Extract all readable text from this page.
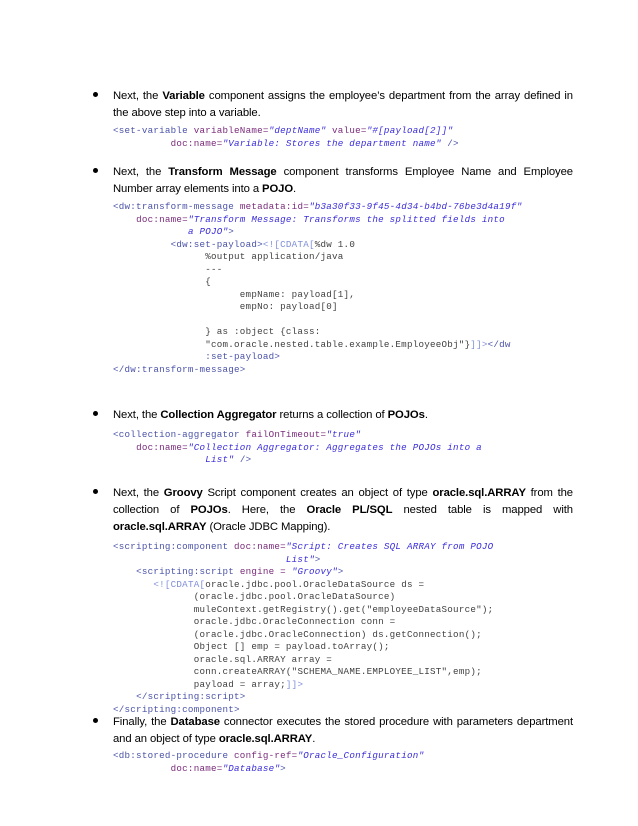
Next, the Variable component assigns the employee’s department from the array defined in the above step into a variable.
<set-variable variableName="deptName" value="#[payload[2]]"
doc:name="Variable: Stores the department name" />
Next, the Transform Message component transforms Employee Name and Employee Number array elements into a POJO.
<dw:transform-message metadata:id="b3a30f33-9f45-4d34-b4bd-76be3d4a19f"
doc:name="Transform Message: Transforms the splitted fields into
a POJO">
<dw:set-payload><![CDATA[%dw 1.0
%output application/java
---
{
empName: payload[1],
empNo: payload[0]

} as :object {class:
"com.oracle.nested.table.example.EmployeeObj"}]]></dw
:set-payload>
</dw:transform-message>
Next, the Collection Aggregator returns a collection of POJOs.
<collection-aggregator failOnTimeout="true"
doc:name="Collection Aggregator: Aggregates the POJOs into a
List" />
Next, the Groovy Script component creates an object of type oracle.sql.ARRAY from the collection of POJOs. Here, the Oracle PL/SQL nested table is mapped with oracle.sql.ARRAY (Oracle JDBC Mapping).
<scripting:component doc:name="Script: Creates SQL ARRAY from POJO
List">
<scripting:script engine = "Groovy">
<![CDATA[oracle.jdbc.pool.OracleDataSource ds =
(oracle.jdbc.pool.OracleDataSource)
muleContext.getRegistry().get("employeeDataSource");
oracle.jdbc.OracleConnection conn =
(oracle.jdbc.OracleConnection) ds.getConnection();
Object [] emp = payload.toArray();
oracle.sql.ARRAY array =
conn.createARRAY("SCHEMA_NAME.EMPLOYEE_LIST",emp);
payload = array;]]>
</scripting:script>
</scripting:component>
Finally, the Database connector executes the stored procedure with parameters department and an object of type oracle.sql.ARRAY.
<db:stored-procedure config-ref="Oracle_Configuration"
doc:name="Database">
